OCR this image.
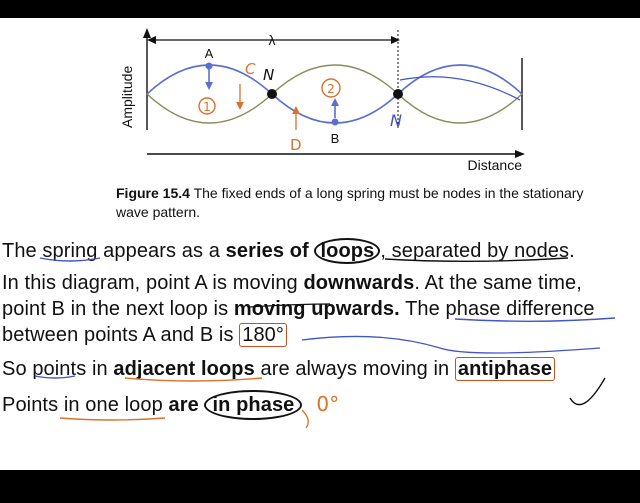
λ
Amplitude
Distance
A
B
1
C N
D
2
N
Figure 15.4 The fixed ends of a long spring must be nodes in the stationary wave pattern.
The spring appears as a series of loops , separated by nodes.
In this diagram, point A is moving downwards. At the same time,
point B in the next loop is moving upwards. The phase difference
between points A and B is 180°
So points in adjacent loops are always moving in antiphase
Points in one loop are in phase 0°
